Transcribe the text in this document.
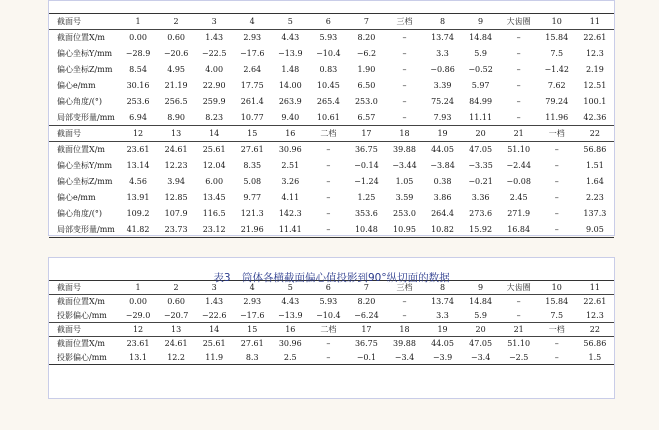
截面号	1	2	3	4	5	6	7	三档	8	9	大齿圈	10	11
截面位置X/m	0.00	0.60	1.43	2.93	4.43	5.93	8.20	–	13.74	14.84	–	15.84	22.61
偏心坐标Y/mm	−28.9	−20.6	−22.5	−17.6	−13.9	−10.4	−6.2	–	3.3	5.9	–	7.5	12.3
偏心坐标Z/mm	8.54	4.95	4.00	2.64	1.48	0.83	1.90	–	−0.86	−0.52	–	−1.42	2.19
偏心e/mm	30.16	21.19	22.90	17.75	14.00	10.45	6.50	–	3.39	5.97	–	7.62	12.51
偏心角度/(°)	253.6	256.5	259.9	261.4	263.9	265.4	253.0	–	75.24	84.99	–	79.24	100.1
局部变形量/mm	6.94	8.90	8.23	10.77	9.40	10.61	6.57	–	7.93	11.11	–	11.96	42.36
截面号	12	13	14	15	16	二档	17	18	19	20	21	一档	22
截面位置X/m	23.61	24.61	25.61	27.61	30.96	–	36.75	39.88	44.05	47.05	51.10	–	56.86
偏心坐标Y/mm	13.14	12.23	12.04	8.35	2.51	–	−0.14	−3.44	−3.84	−3.35	−2.44	–	1.51
偏心坐标Z/mm	4.56	3.94	6.00	5.08	3.26	–	−1.24	1.05	0.38	−0.21	−0.08	–	1.64
偏心e/mm	13.91	12.85	13.45	9.77	4.11	–	1.25	3.59	3.86	3.36	2.45	–	2.23
偏心角度/(°)	109.2	107.9	116.5	121.3	142.3	–	353.6	253.0	264.4	273.6	271.9	–	137.3
局部变形量/mm	41.82	23.73	23.12	21.96	11.41	–	10.48	10.95	10.82	15.92	16.84	–	9.05
表3 筒体各横截面偏心值投影到90°纵切面的数据
截面号	1	2	3	4	5	6	7	三档	8	9	大齿圈	10	11
截面位置X/m	0.00	0.60	1.43	2.93	4.43	5.93	8.20	–	13.74	14.84	–	15.84	22.61
投影偏心/mm	−29.0	−20.7	−22.6	−17.6	−13.9	−10.4	−6.24	–	3.3	5.9	–	7.5	12.3
截面号	12	13	14	15	16	二档	17	18	19	20	21	一档	22
截面位置X/m	23.61	24.61	25.61	27.61	30.96	–	36.75	39.88	44.05	47.05	51.10	–	56.86
投影偏心/mm	13.1	12.2	11.9	8.3	2.5	–	−0.1	−3.4	−3.9	−3.4	−2.5	–	1.5
